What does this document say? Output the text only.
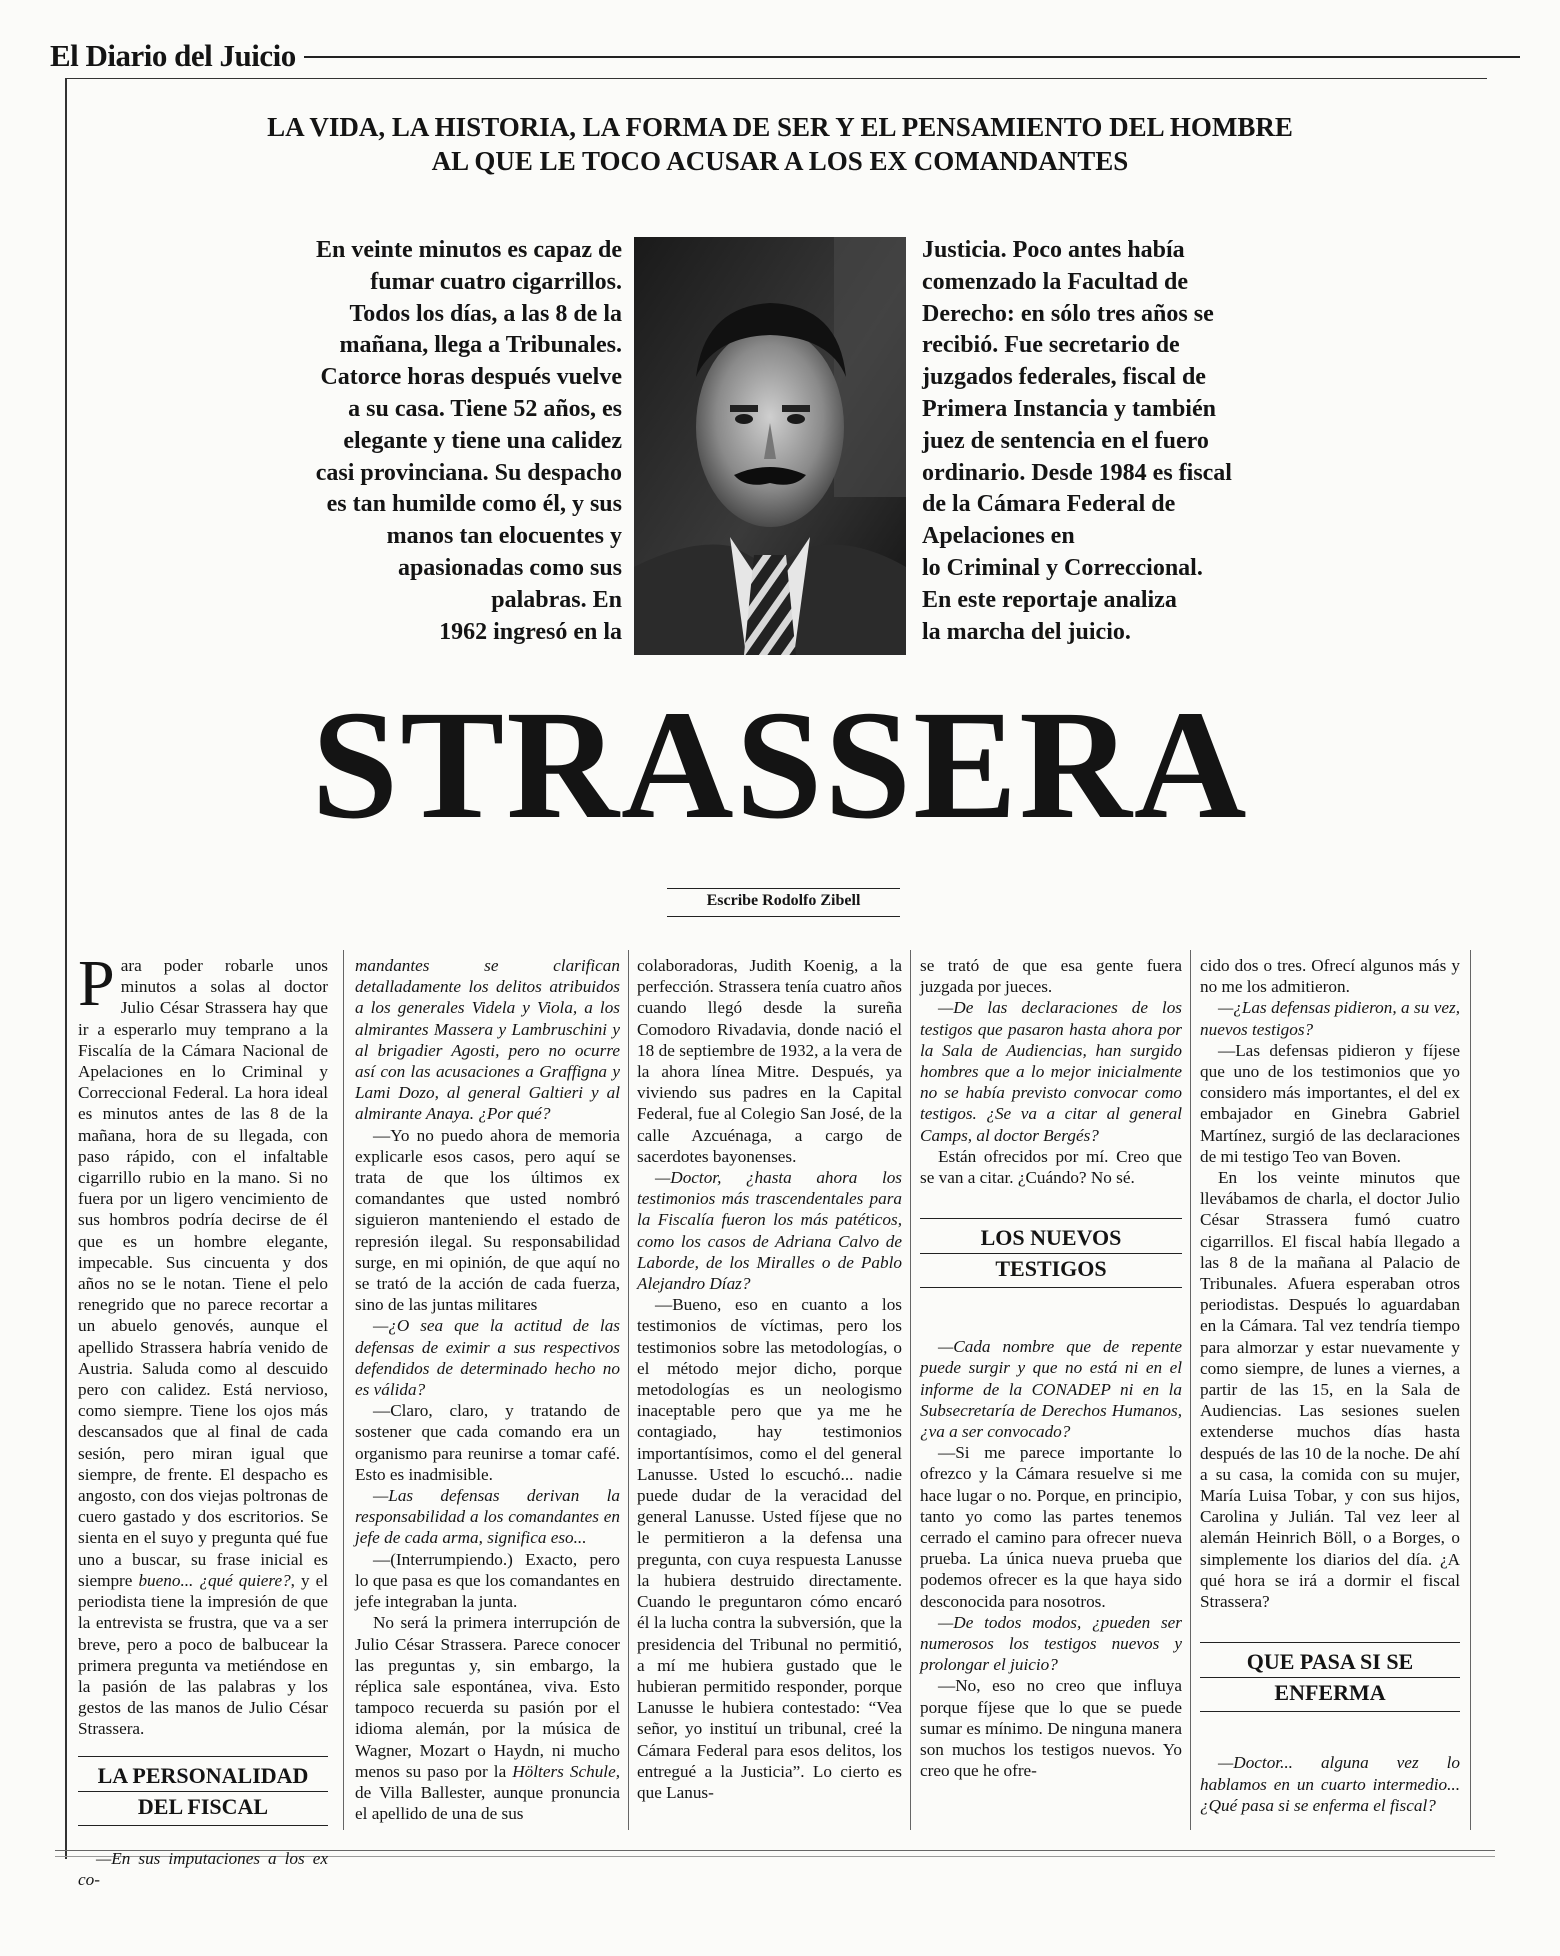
El Diario del Juicio
LA VIDA, LA HISTORIA, LA FORMA DE SER Y EL PENSAMIENTO DEL HOMBRE
AL QUE LE TOCO ACUSAR A LOS EX COMANDANTES
En veinte minutos es capaz de
fumar cuatro cigarrillos.
Todos los días, a las 8 de la
mañana, llega a Tribunales.
Catorce horas después vuelve
a su casa. Tiene 52 años, es
elegante y tiene una calidez
casi provinciana. Su despacho
es tan humilde como él, y sus
manos tan elocuentes y
apasionadas como sus
palabras. En
1962 ingresó en la
Justicia. Poco antes había
comenzado la Facultad de
Derecho: en sólo tres años se
recibió. Fue secretario de
juzgados federales, fiscal de
Primera Instancia y también
juez de sentencia en el fuero
ordinario. Desde 1984 es fiscal
de la Cámara Federal de
Apelaciones en
lo Criminal y Correccional.
En este reportaje analiza
la marcha del juicio.
STRASSERA
Escribe Rodolfo Zibell

Para poder robarle unos minutos a solas al doctor Julio César Strassera hay que ir a esperarlo muy temprano a la Fiscalía de la Cámara Nacional de Apelaciones en lo Criminal y Correccional Federal. La hora ideal es minutos antes de las 8 de la mañana, hora de su llegada, con paso rápido, con el infaltable cigarrillo rubio en la mano. Si no fuera por un ligero vencimiento de sus hombros podría decirse de él que es un hombre elegante, impecable. Sus cincuenta y dos años no se le notan. Tiene el pelo renegrido que no parece recortar a un abuelo genovés, aunque el apellido Strassera habría venido de Austria. Saluda como al descuido pero con calidez. Está nervioso, como siempre. Tiene los ojos más descansados que al final de cada sesión, pero miran igual que siempre, de frente. El despacho es angosto, con dos viejas poltronas de cuero gastado y dos escritorios. Se sienta en el suyo y pregunta qué fue uno a buscar, su frase inicial es siempre bueno... ¿qué quiere?, y el periodista tiene la impresión de que la entrevista se frustra, que va a ser breve, pero a poco de balbucear la primera pregunta va metiéndose en la pasión de las palabras y los gestos de las manos de Julio César Strassera.

LA PERSONALIDAD
DEL FISCAL

—En sus imputaciones a los ex co-

mandantes se clarifican detalladamente los delitos atribuidos a los generales Videla y Viola, a los almirantes Massera y Lambruschini y al brigadier Agosti, pero no ocurre así con las acusaciones a Graffigna y Lami Dozo, al general Galtieri y al almirante Anaya. ¿Por qué?

—Yo no puedo ahora de memoria explicarle esos casos, pero aquí se trata de que los últimos ex comandantes que usted nombró siguieron manteniendo el estado de represión ilegal. Su responsabilidad surge, en mi opinión, de que aquí no se trató de la acción de cada fuerza, sino de las juntas militares

—¿O sea que la actitud de las defensas de eximir a sus respectivos defendidos de determinado hecho no es válida?

—Claro, claro, y tratando de sostener que cada comando era un organismo para reunirse a tomar café. Esto es inadmisible.

—Las defensas derivan la responsabilidad a los comandantes en jefe de cada arma, significa eso...

—(Interrumpiendo.) Exacto, pero lo que pasa es que los comandantes en jefe integraban la junta.

No será la primera interrupción de Julio César Strassera. Parece conocer las preguntas y, sin embargo, la réplica sale espontánea, viva. Esto tampoco recuerda su pasión por el idioma alemán, por la música de Wagner, Mozart o Haydn, ni mucho menos su paso por la Hölters Schule, de Villa Ballester, aunque pronuncia el apellido de una de sus

colaboradoras, Judith Koenig, a la perfección. Strassera tenía cuatro años cuando llegó desde la sureña Comodoro Rivadavia, donde nació el 18 de septiembre de 1932, a la vera de la ahora línea Mitre. Después, ya viviendo sus padres en la Capital Federal, fue al Colegio San José, de la calle Azcuénaga, a cargo de sacerdotes bayonenses.

—Doctor, ¿hasta ahora los testimonios más trascendentales para la Fiscalía fueron los más patéticos, como los casos de Adriana Calvo de Laborde, de los Miralles o de Pablo Alejandro Díaz?

—Bueno, eso en cuanto a los testimonios de víctimas, pero los testimonios sobre las metodologías, o el método mejor dicho, porque metodologías es un neologismo inaceptable pero que ya me he contagiado, hay testimonios importantísimos, como el del general Lanusse. Usted lo escuchó... nadie puede dudar de la veracidad del general Lanusse. Usted fíjese que no le permitieron a la defensa una pregunta, con cuya respuesta Lanusse la hubiera destruido directamente. Cuando le preguntaron cómo encaró él la lucha contra la subversión, que la presidencia del Tribunal no permitió, a mí me hubiera gustado que le hubieran permitido responder, porque Lanusse le hubiera contestado: “Vea señor, yo instituí un tribunal, creé la Cámara Federal para esos delitos, los entregué a la Justicia”. Lo cierto es que Lanus-

se trató de que esa gente fuera juzgada por jueces.

—De las declaraciones de los testigos que pasaron hasta ahora por la Sala de Audiencias, han surgido hombres que a lo mejor inicialmente no se había previsto convocar como testigos. ¿Se va a citar al general Camps, al doctor Bergés?

Están ofrecidos por mí. Creo que se van a citar. ¿Cuándo? No sé.

LOS NUEVOS
TESTIGOS

—Cada nombre que de repente puede surgir y que no está ni en el informe de la CONADEP ni en la Subsecretaría de Derechos Humanos, ¿va a ser convocado?

—Si me parece importante lo ofrezco y la Cámara resuelve si me hace lugar o no. Porque, en principio, tanto yo como las partes tenemos cerrado el camino para ofrecer nueva prueba. La única nueva prueba que podemos ofrecer es la que haya sido desconocida para nosotros.

—De todos modos, ¿pueden ser numerosos los testigos nuevos y prolongar el juicio?

—No, eso no creo que influya porque fíjese que lo que se puede sumar es mínimo. De ninguna manera son muchos los testigos nuevos. Yo creo que he ofre-

cido dos o tres. Ofrecí algunos más y no me los admitieron.

—¿Las defensas pidieron, a su vez, nuevos testigos?

—Las defensas pidieron y fíjese que uno de los testimonios que yo considero más importantes, el del ex embajador en Ginebra Gabriel Martínez, surgió de las declaraciones de mi testigo Teo van Boven.

En los veinte minutos que llevábamos de charla, el doctor Julio César Strassera fumó cuatro cigarrillos. El fiscal había llegado a las 8 de la mañana al Palacio de Tribunales. Afuera esperaban otros periodistas. Después lo aguardaban en la Cámara. Tal vez tendría tiempo para almorzar y estar nuevamente y como siempre, de lunes a viernes, a partir de las 15, en la Sala de Audiencias. Las sesiones suelen extenderse muchos días hasta después de las 10 de la noche. De ahí a su casa, la comida con su mujer, María Luisa Tobar, y con sus hijos, Carolina y Julián. Tal vez leer al alemán Heinrich Böll, o a Borges, o simplemente los diarios del día. ¿A qué hora se irá a dormir el fiscal Strassera?

QUE PASA SI SE
ENFERMA

—Doctor... alguna vez lo hablamos en un cuarto intermedio... ¿Qué pasa si se enferma el fiscal?
